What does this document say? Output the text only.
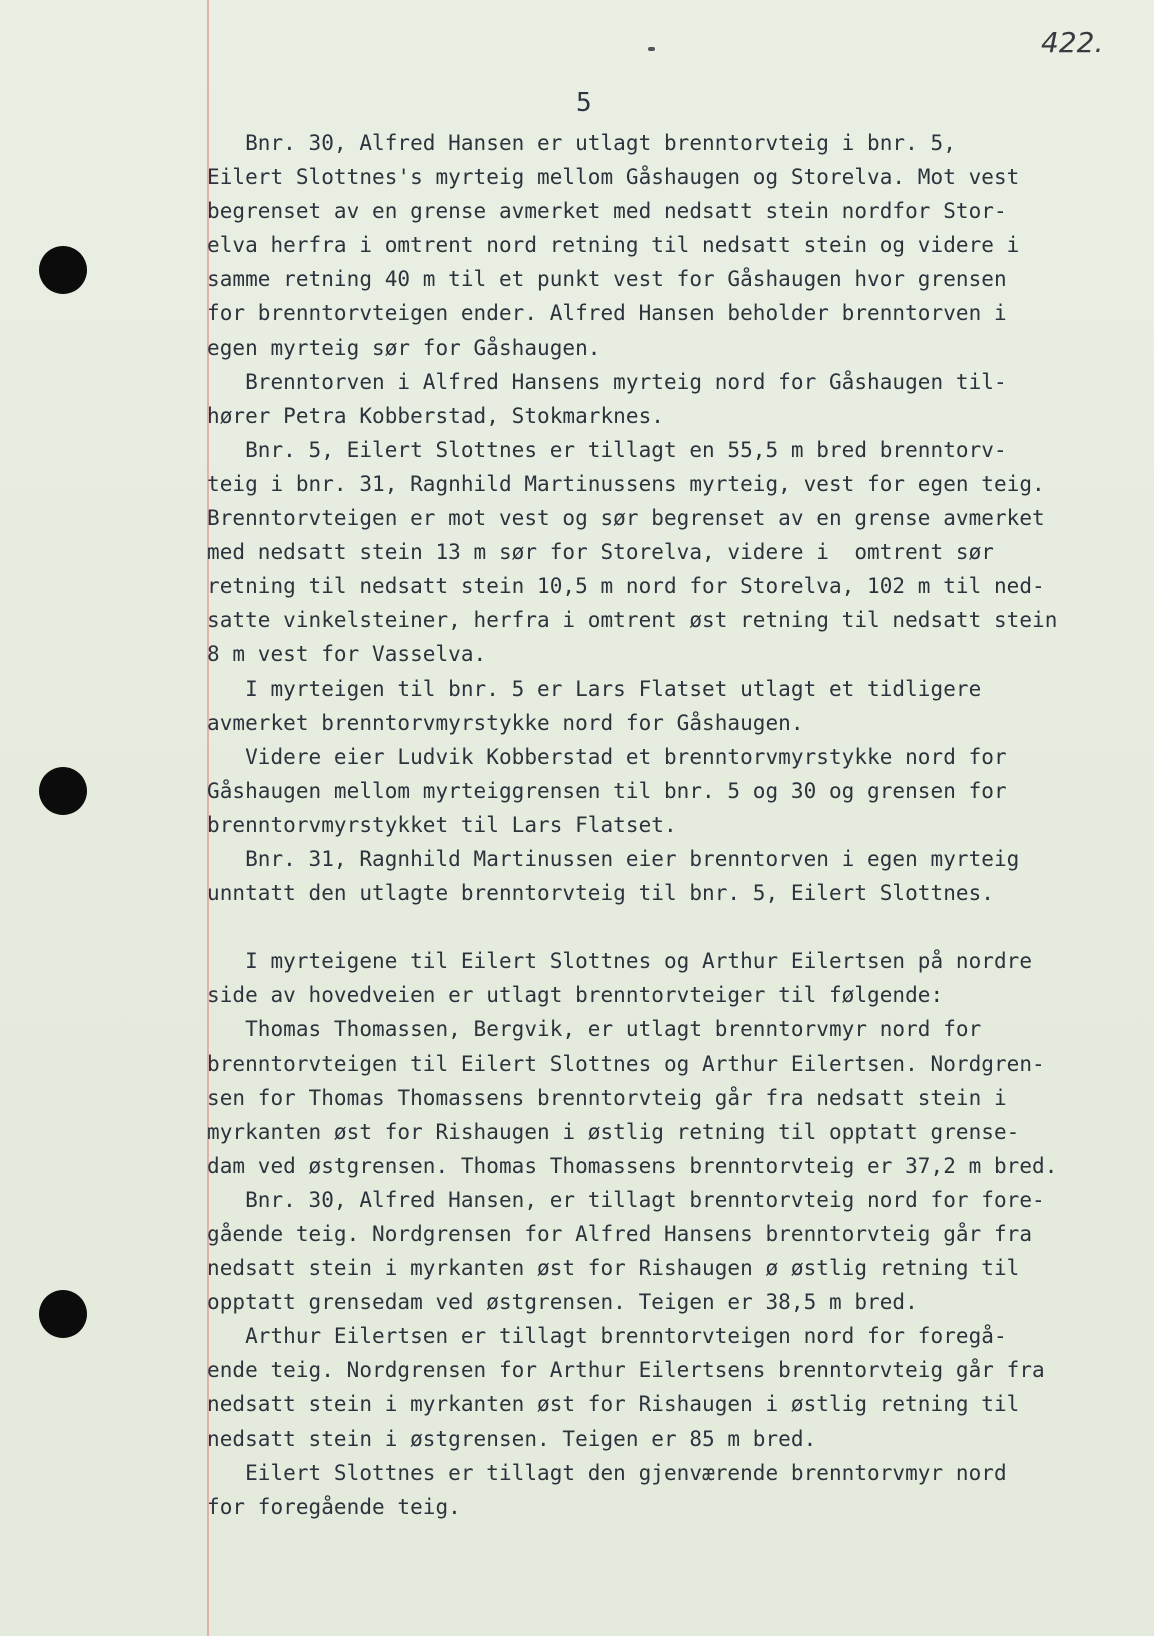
422.
5
Bnr. 30, Alfred Hansen er utlagt brenntorvteig i bnr. 5,
Eilert Slottnes's myrteig mellom Gåshaugen og Storelva. Mot vest
begrenset av en grense avmerket med nedsatt stein nordfor Stor-
elva herfra i omtrent nord retning til nedsatt stein og videre i
samme retning 40 m til et punkt vest for Gåshaugen hvor grensen
for brenntorvteigen ender. Alfred Hansen beholder brenntorven i
egen myrteig sør for Gåshaugen.
Brenntorven i Alfred Hansens myrteig nord for Gåshaugen til-
hører Petra Kobberstad, Stokmarknes.
Bnr. 5, Eilert Slottnes er tillagt en 55,5 m bred brenntorv-
teig i bnr. 31, Ragnhild Martinussens myrteig, vest for egen teig.
Brenntorvteigen er mot vest og sør begrenset av en grense avmerket
med nedsatt stein 13 m sør for Storelva, videre i  omtrent sør
retning til nedsatt stein 10,5 m nord for Storelva, 102 m til ned-
satte vinkelsteiner, herfra i omtrent øst retning til nedsatt stein
8 m vest for Vasselva.
I myrteigen til bnr. 5 er Lars Flatset utlagt et tidligere
avmerket brenntorvmyrstykke nord for Gåshaugen.
Videre eier Ludvik Kobberstad et brenntorvmyrstykke nord for
Gåshaugen mellom myrteiggrensen til bnr. 5 og 30 og grensen for
brenntorvmyrstykket til Lars Flatset.
Bnr. 31, Ragnhild Martinussen eier brenntorven i egen myrteig
unntatt den utlagte brenntorvteig til bnr. 5, Eilert Slottnes.
I myrteigene til Eilert Slottnes og Arthur Eilertsen på nordre
side av hovedveien er utlagt brenntorvteiger til følgende:
Thomas Thomassen, Bergvik, er utlagt brenntorvmyr nord for
brenntorvteigen til Eilert Slottnes og Arthur Eilertsen. Nordgren-
sen for Thomas Thomassens brenntorvteig går fra nedsatt stein i
myrkanten øst for Rishaugen i østlig retning til opptatt grense-
dam ved østgrensen. Thomas Thomassens brenntorvteig er 37,2 m bred.
Bnr. 30, Alfred Hansen, er tillagt brenntorvteig nord for fore-
gående teig. Nordgrensen for Alfred Hansens brenntorvteig går fra
nedsatt stein i myrkanten øst for Rishaugen ø østlig retning til
opptatt grensedam ved østgrensen. Teigen er 38,5 m bred.
Arthur Eilertsen er tillagt brenntorvteigen nord for foregå-
ende teig. Nordgrensen for Arthur Eilertsens brenntorvteig går fra
nedsatt stein i myrkanten øst for Rishaugen i østlig retning til
nedsatt stein i østgrensen. Teigen er 85 m bred.
Eilert Slottnes er tillagt den gjenværende brenntorvmyr nord
for foregående teig.
